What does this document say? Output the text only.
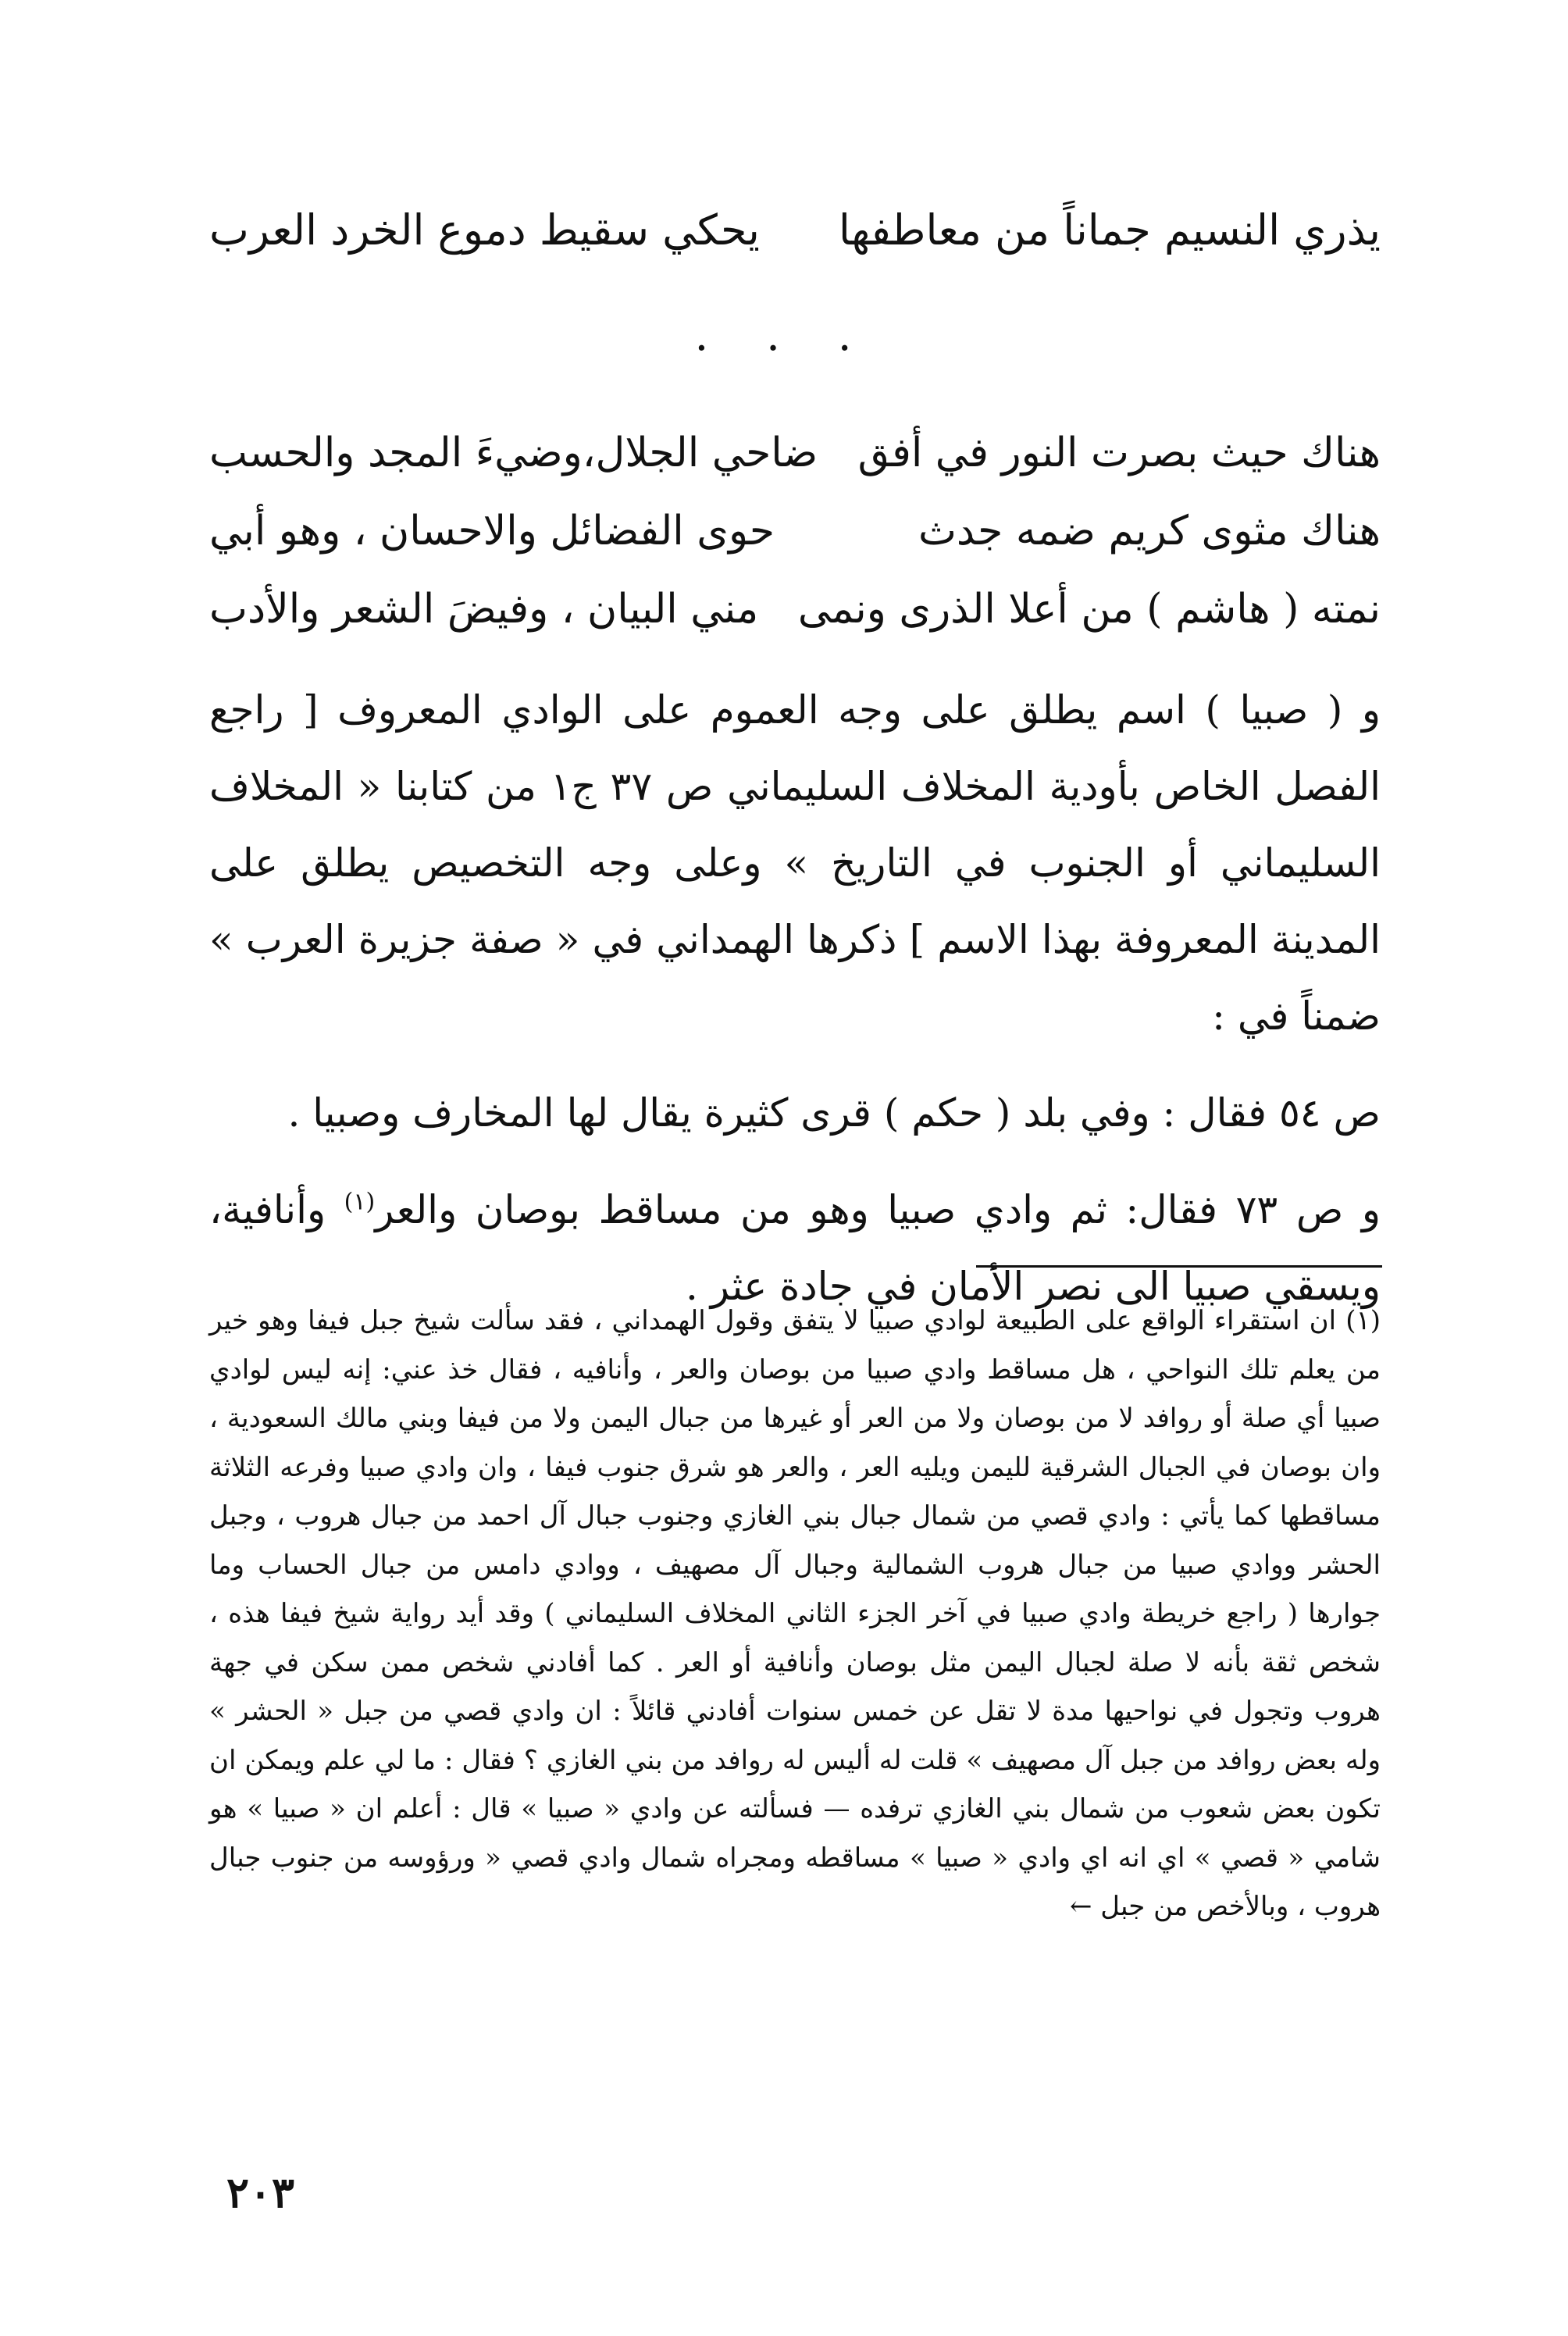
يذري النسيم جماناً من معاطفها
يحكي سقيط دموع الخرد العرب
. . .
هناك حيث بصرت النور في أفق
ضاحي الجلال،وضيءَ المجد والحسب
هناك مثوى كريم ضمه جدث
حوى الفضائل والاحسان ، وهو أبي
نمته ( هاشم ) من أعلا الذرى ونمى
مني البيان ، وفيضَ الشعر والأدب

و ( صبيا ) اسم يطلق على وجه العموم على الوادي المعروف [ راجع الفصل الخاص بأودية المخلاف السليماني ص ٣٧ ج١ من كتابنا « المخلاف السليماني أو الجنوب في التاريخ » وعلى وجه التخصيص يطلق على المدينة المعروفة بهذا الاسم ] ذكرها الهمداني في « صفة جزيرة العرب » ضمناً في :

ص ٥٤ فقال : وفي بلد ( حكم ) قرى كثيرة يقال لها المخارف وصبيا .

و ص ٧٣ فقال: ثم وادي صبيا وهو من مساقط بوصان والعر$^{(١)}$ وأنافية، ويسقي صبيا الى نصر الأمان في جادة عثر .

(١) ان استقراء الواقع على الطبيعة لوادي صبيا لا يتفق وقول الهمداني ، فقد سألت شيخ جبل فيفا وهو خير من يعلم تلك النواحي ، هل مساقط وادي صبيا من بوصان والعر ، وأنافيه ، فقال خذ عني: إنه ليس لوادي صبيا أي صلة أو روافد لا من بوصان ولا من العر أو غيرها من جبال اليمن ولا من فيفا وبني مالك السعودية ، وان بوصان في الجبال الشرقية لليمن ويليه العر ، والعر هو شرق جنوب فيفا ، وان وادي صبيا وفرعه الثلاثة مساقطها كما يأتي : وادي قصي من شمال جبال بني الغازي وجنوب جبال آل احمد من جبال هروب ، وجبل الحشر ووادي صبيا من جبال هروب الشمالية وجبال آل مصهيف ، ووادي دامس من جبال الحساب وما جوارها ( راجع خريطة وادي صبيا في آخر الجزء الثاني المخلاف السليماني ) وقد أيد رواية شيخ فيفا هذه ، شخص ثقة بأنه لا صلة لجبال اليمن مثل بوصان وأنافية أو العر . كما أفادني شخص ممن سكن في جهة هروب وتجول في نواحيها مدة لا تقل عن خمس سنوات أفادني قائلاً : ان وادي قصي من جبل « الحشر » وله بعض روافد من جبل آل مصهيف » قلت له أليس له روافد من بني الغازي ؟ فقال : ما لي علم ويمكن ان تكون بعض شعوب من شمال بني الغازي ترفده — فسألته عن وادي « صبيا » قال : أعلم ان « صبيا » هو شامي « قصي » اي انه اي وادي « صبيا » مساقطه ومجراه شمال وادي قصي « ورؤوسه من جنوب جبال هروب ، وبالأخص من جبل ←

٢٠٣
